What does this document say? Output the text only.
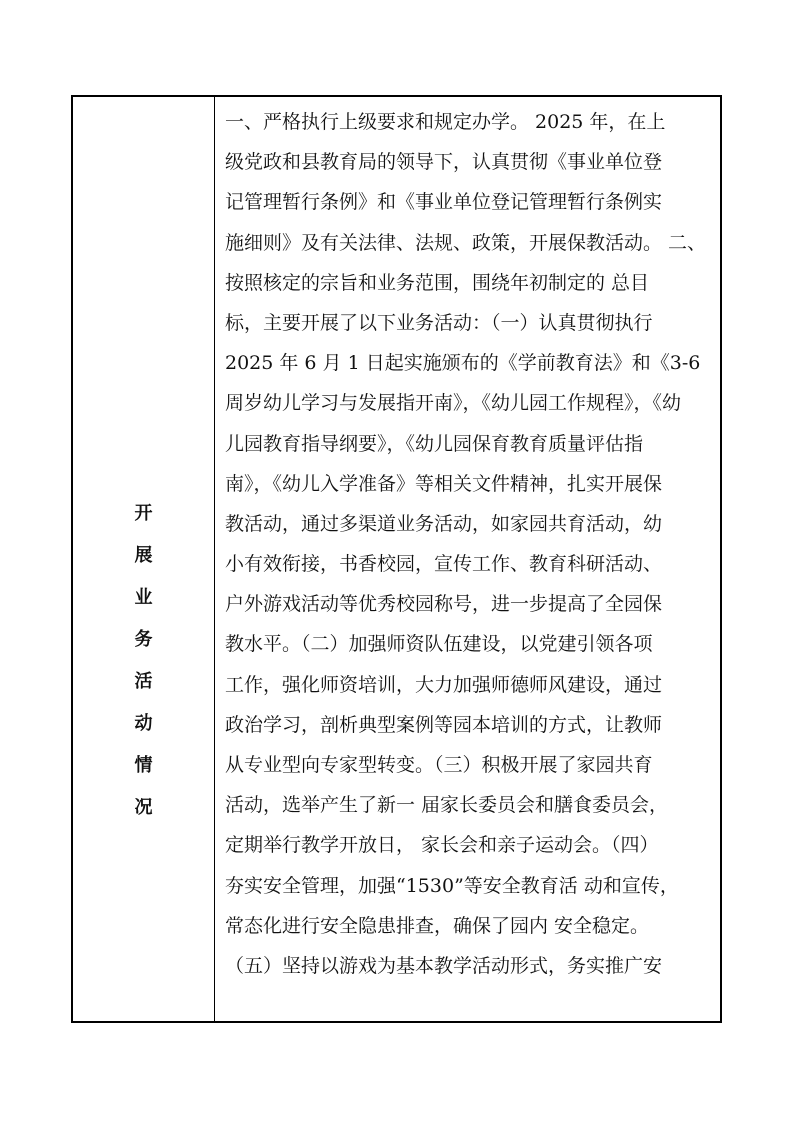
开
展
业
务
活
动
情
况
一、严格执行上级要求和规定办学。 2025 年，在上
级党政和县教育局的领导下，认真贯彻《事业单位登
记管理暂行条例》和《事业单位登记管理暂行条例实
施细则》及有关法律、法规、政策，开展保教活动。 二、
按照核定的宗旨和业务范围，围绕年初制定的 总目
标，主要开展了以下业务活动：（一）认真贯彻执行
2025 年 6 月 1 日起实施颁布的《学前教育法》和《3-6
周岁幼儿学习与发展指开南》，《幼儿园工作规程》，《幼
儿园教育指导纲要》，《幼儿园保育教育质量评估指
南》，《幼儿入学准备》等相关文件精神，扎实开展保
教活动，通过多渠道业务活动，如家园共育活动，幼
小有效衔接，书香校园，宣传工作、教育科研活动、
户外游戏活动等优秀校园称号，进一步提高了全园保
教水平。（二）加强师资队伍建设，以党建引领各项
工作，强化师资培训，大力加强师德师风建设，通过
政治学习，剖析典型案例等园本培训的方式，让教师
从专业型向专家型转变。（三）积极开展了家园共育
活动，选举产生了新一 届家长委员会和膳食委员会，
定期举行教学开放日， 家长会和亲子运动会。（四）
夯实安全管理，加强“1530”等安全教育活 动和宣传，
常态化进行安全隐患排查，确保了园内 安全稳定。
（五）坚持以游戏为基本教学活动形式，务实推广安
